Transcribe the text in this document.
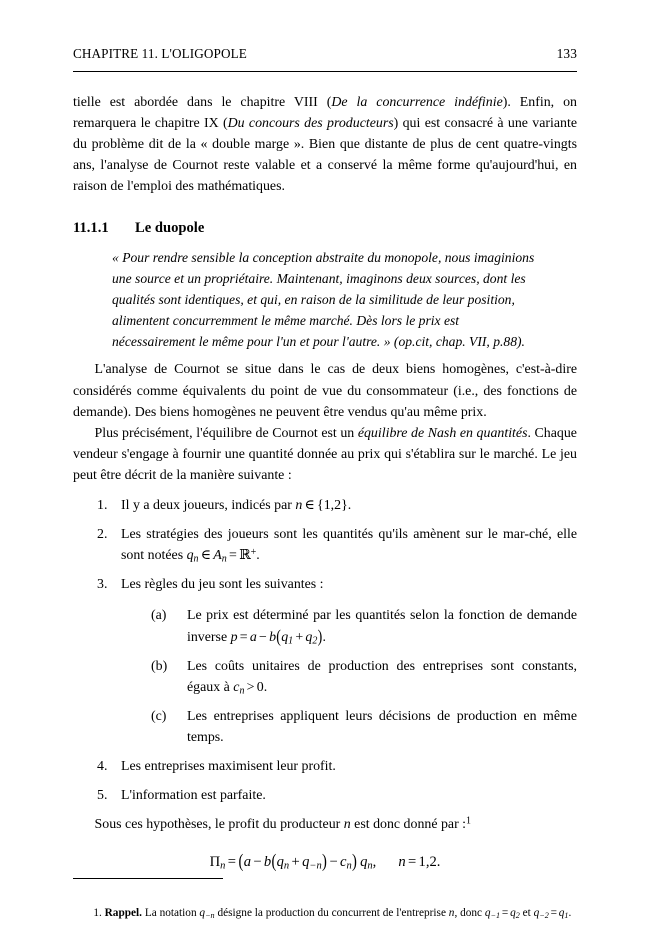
CHAPITRE 11. L'OLIGOPOLE	133

tielle est abordée dans le chapitre VIII (De la concurrence indéfinie). Enfin, on remarquera le chapitre IX (Du concours des producteurs) qui est consacré à une variante du problème dit de la « double marge ». Bien que distante de plus de cent quatre-vingts ans, l'analyse de Cournot reste valable et a conservé la même forme qu'aujourd'hui, en raison de l'emploi des mathématiques.

11.1.1	Le duopole
« Pour rendre sensible la conception abstraite du monopole, nous imaginions une source et un propriétaire. Maintenant, imaginons deux sources, dont les qualités sont identiques, et qui, en raison de la similitude de leur position, alimentent concurremment le même marché. Dès lors le prix est nécessairement le même pour l'un et pour l'autre. » (op.cit, chap. VII, p.88).

L'analyse de Cournot se situe dans le cas de deux biens homogènes, c'est-à-dire considérés comme équivalents du point de vue du consommateur (i.e., des fonctions de demande). Des biens homogènes ne peuvent être vendus qu'au même prix.

Plus précisément, l'équilibre de Cournot est un équilibre de Nash en quantités. Chaque vendeur s'engage à fournir une quantité donnée au prix qui s'établira sur le marché. Le jeu peut être décrit de la manière suivante :

1. Il y a deux joueurs, indicés par n ∈ {1,2}.
2. Les stratégies des joueurs sont les quantités qu'ils amènent sur le mar-ché, elle sont notées $q_n$ ∈ $A_n$ = ℝ+.
3. Les règles du jeu sont les suivantes :
(a)	Le prix est déterminé par les quantités selon la fonction de demande inverse $p = a - b(q_1 + q_2)$.
(b)	Les coûts unitaires de production des entreprises sont constants, égaux à $c_n > 0$.
(c)	Les entreprises appliquent leurs décisions de production en même temps.
4. Les entreprises maximisent leur profit.
5. L'information est parfaite.

Sous ces hypothèses, le profit du producteur n est donc donné par :$^1$

$\Pi_n = (a - b(q_n + q_{-n}) - c_n)$ $q_n$, n = 1,2.
1. Rappel. La notation $q_{-n}$ désigne la production du concurrent de l'entreprise n, donc $q_{-1} = q_2$ et $q_{-2} = q_1$.
